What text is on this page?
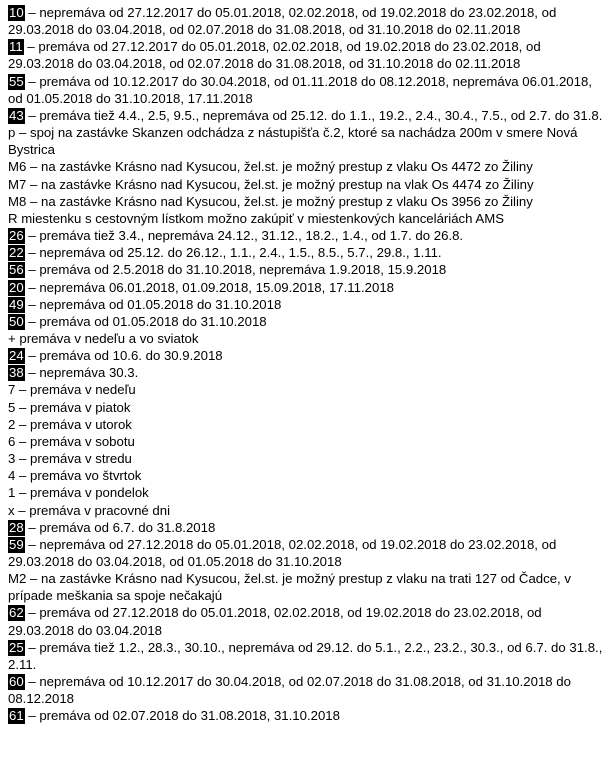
10 – nepremáva od 27.12.2017 do 05.01.2018, 02.02.2018, od 19.02.2018 do 23.02.2018, od 29.03.2018 do 03.04.2018, od 02.07.2018 do 31.08.2018, od 31.10.2018 do 02.11.2018
11 – premáva od 27.12.2017 do 05.01.2018, 02.02.2018, od 19.02.2018 do 23.02.2018, od 29.03.2018 do 03.04.2018, od 02.07.2018 do 31.08.2018, od 31.10.2018 do 02.11.2018
55 – premáva od 10.12.2017 do 30.04.2018, od 01.11.2018 do 08.12.2018, nepremáva 06.01.2018, od 01.05.2018 do 31.10.2018, 17.11.2018
43 – premáva tiež 4.4., 2.5, 9.5., nepremáva od 25.12. do 1.1., 19.2., 2.4., 30.4., 7.5., od 2.7. do 31.8.
p – spoj na zastávke Skanzen odchádza z nástupišťa č.2, ktoré sa nachádza 200m v smere Nová Bystrica
M6 – na zastávke Krásno nad Kysucou, žel.st. je možný prestup z vlaku Os 4472 zo Žiliny
M7 – na zastávke Krásno nad Kysucou, žel.st. je možný prestup na vlak Os 4474 zo Žiliny
M8 – na zastávke Krásno nad Kysucou, žel.st. je možný prestup z vlaku Os 3956 zo Žiliny
R miestenku s cestovným lístkom možno zakúpiť v miestenkových kanceláriách AMS
26 – premáva tiež 3.4., nepremáva 24.12., 31.12., 18.2., 1.4., od 1.7. do 26.8.
22 – nepremáva od 25.12. do 26.12., 1.1., 2.4., 1.5., 8.5., 5.7., 29.8., 1.11.
56 – premáva od 2.5.2018 do 31.10.2018, nepremáva 1.9.2018, 15.9.2018
20 – nepremáva 06.01.2018, 01.09.2018, 15.09.2018, 17.11.2018
49 – nepremáva od 01.05.2018 do 31.10.2018
50 – premáva od 01.05.2018 do 31.10.2018
+ premáva v nedeľu a vo sviatok
24 – premáva od 10.6. do 30.9.2018
38 – nepremáva 30.3.
7 – premáva v nedeľu
5 – premáva v piatok
2 – premáva v utorok
6 – premáva v sobotu
3 – premáva v stredu
4 – premáva vo štvrtok
1 – premáva v pondelok
x – premáva v pracovné dni
28 – premáva od 6.7. do 31.8.2018
59 – nepremáva od 27.12.2018 do 05.01.2018, 02.02.2018, od 19.02.2018 do 23.02.2018, od 29.03.2018 do 03.04.2018, od 01.05.2018 do 31.10.2018
M2 – na zastávke Krásno nad Kysucou, žel.st. je možný prestup z vlaku na trati 127 od Čadce, v prípade meškania sa spoje nečakajú
62 – premáva od 27.12.2018 do 05.01.2018, 02.02.2018, od 19.02.2018 do 23.02.2018, od 29.03.2018 do 03.04.2018
25 – premáva tiež 1.2., 28.3., 30.10., nepremáva od 29.12. do 5.1., 2.2., 23.2., 30.3., od 6.7. do 31.8., 2.11.
60 – nepremáva od 10.12.2017 do 30.04.2018, od 02.07.2018 do 31.08.2018, od 31.10.2018 do 08.12.2018
61 – premáva od 02.07.2018 do 31.08.2018, 31.10.2018
